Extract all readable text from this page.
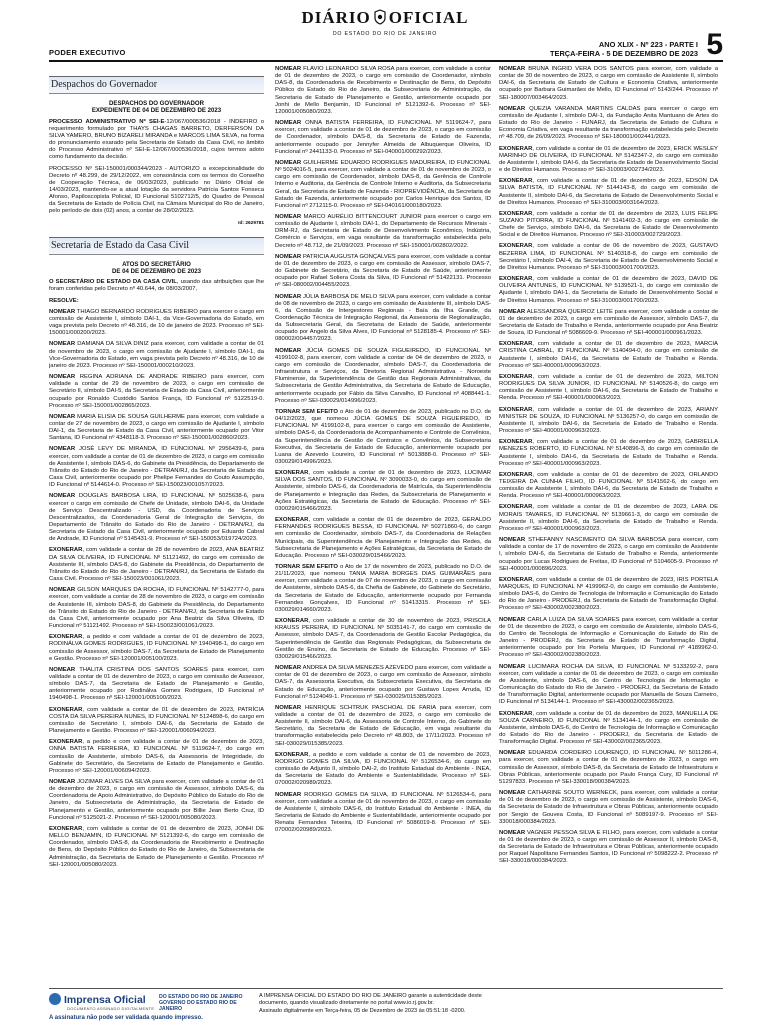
PODER EXECUTIVO
DIÁRIO OFICIAL
DO ESTADO DO RIO DE JANEIRO
ANO XLIX - Nº 223 - PARTE I
TERÇA-FEIRA - 5 DE DEZEMBRO DE 2023 5
Despachos do Governador
DESPACHOS DO GOVERNADOR
EXPEDIENTE DE 04 DE DEZEMBRO DE 2023
PROCESSO ADMINISTRATIVO Nº SEI-E-12/067/000536/2018 - INDEFIRO o requerimento formulado por THAYS CHAGAS BARRETO, DERFERSON DA SILVA YAMERO, BRUNO BIZARELI MIRANDA e MARCOS LIMA SILVA, na forma do pronunciamento exarado pela Secretaria de Estado da Casa Civil, no âmbito do Processo Administrativo nº SEI-E-12/067/000536/2018, cujos termos adoto como fundamento da decisão.
PROCESSO Nº SEI-150001/000344/2023 - AUTORIZO a excepcionalidade do Decreto nº 48.299, de 29/12/2022, em consonância com os termos do Conselho de Cooperação Técnica, de 06/03/2023, publicado no Diário Oficial de 14/03/2023, mantendo-se a atual lotação da servidora Patrícia Santos Fonseca Afonso, Papiloscopista Policial, ID Funcional 5102712/5, do Quadro de Pessoal da Secretaria de Estado de Polícia Civil, na Câmara Municipal do Rio de Janeiro, pelo período de dois (02) anos, a contar de 28/02/2023.
Id: 2629781
Secretaria de Estado da Casa Civil
ATOS DO SECRETÁRIO
DE 04 DE DEZEMBRO DE 2023
O SECRETÁRIO DE ESTADO DA CASA CIVIL, usando das atribuições que lhe foram conferidas pelo Decreto nº 40.644, de 08/03/2007,
RESOLVE:
NOMEAR THIAGO BERNARDO RODRIGUES RIBEIRO para exercer o cargo em comissão de Assistente I, símbolo DAI-1, da Vice-Governadoria do Estado, em vaga prevista pelo Decreto nº 48.316, de 10 de janeiro de 2023. Processo nº SEI-150001/000200/2023.
NOMEAR DAMIANA DA SILVA DINIZ para exercer, com validade a contar de 01 de novembro de 2023, o cargo em comissão de Ajudante I, símbolo DAI-1, da Vice-Governadoria do Estado, em vaga prevista pelo Decreto nº 48.316, de 10 de janeiro de 2023. Processo nº SEI-150001/000210/2023.
NOMEAR REGINA ADRIANA DE ANDRADE RIBEIRO para exercer, com validade a contar de 29 de novembro de 2023, o cargo em comissão de Secretário II, símbolo DAI-5, da Secretaria de Estado da Casa Civil, anteriormente ocupado por Ronaldo Custódio Santos França, ID Funcional nº 5122519-0. Processo nº SEI-150001/002865/2023.
NOMEAR MARIA ELISIA DE SOUSA GUILHERME para exercer, com validade a contar de 27 de novembro de 2023, o cargo em comissão de Ajudante I, símbolo DAI-1, da Secretaria de Estado da Casa Civil, anteriormente ocupado por Vitor Santana, ID Funcional nº 4348118-3. Processo nº SEI-150001/002860/2023.
NOMEAR JOSÉ LEVY DE MIRANDA, ID FUNCIONAL Nº 2956439-6, para exercer, com validade a contar de 01 de dezembro de 2023, o cargo em comissão de Assistente I, símbolo DAS-6, do Gabinete da Presidência, do Departamento de Trânsito do Estado do Rio de Janeiro - DETRAN/RJ, da Secretaria de Estado da Casa Civil, anteriormente ocupado por Phelipe Fernandes do Couto Assumpção, ID Funcional nº 5144614-0. Processo nº SEI-150023/001057/2023.
NOMEAR DOUGLAS BARBOSA LIRA, ID FUNCIONAL Nº 5025638-6, para exercer o cargo em comissão de Chefe de Unidade, símbolo DAI-6, da Unidade de Serviço Descentralizado - USD, da Coordenadoria de Serviços Descentralizados, da Coordenadoria Geral de Integração de Serviços, do Departamento de Trânsito do Estado do Rio de Janeiro - DETRAN/RJ, da Secretaria de Estado da Casa Civil, anteriormente ocupado por Eduardo Cabral de Andrade, ID Funcional nº 5145431-9. Processo nº SEI-150053/019724/2023.
EXONERAR, com validade a contar de 28 de novembro de 2023, ANA BEATRIZ DA SILVA OLIVEIRA, ID FUNCIONAL Nº 51121492, do cargo em comissão de Assistente III, símbolo DAS-8, do Gabinete da Presidência, do Departamento de Trânsito do Estado do Rio de Janeiro - DETRAN/RJ, da Secretaria de Estado da Casa Civil. Processo nº SEI-150023/001061/2023.
NOMEAR GILSON MARQUES DA ROCHA, ID FUNCIONAL Nº 5142777-0, para exercer, com validade a contar de 28 de novembro de 2023, o cargo em comissão de Assistente III, símbolo DAS-8, do Gabinete da Presidência, do Departamento de Trânsito do Estado do Rio de Janeiro - DETRAN/RJ, da Secretaria de Estado da Casa Civil, anteriormente ocupado por Ana Beatriz da Silva Oliveira, ID Funcional nº 51121492. Processo nº SEI-150023/001061/2023.
EXONERAR, a pedido e com validade a contar de 01 de dezembro de 2023, RODINÁLVA GOMES RODRIGUES, ID FUNCIONAL Nº 1940498-1, do cargo em comissão de Assessor, símbolo DAS-7, da Secretaria de Estado de Planejamento e Gestão. Processo nº SEI-120001/005100/2023.
NOMEAR THALITA CRISTINA DOS SANTOS SOARES para exercer, com validade a contar de 01 de dezembro de 2023, o cargo em comissão de Assessor, símbolo DAS-7, da Secretaria de Estado de Planejamento e Gestão, anteriormente ocupado por Rodinálva Gomes Rodrigues, ID Funcional nº 1940498-1. Processo nº SEI-120001/005100/2023.
EXONERAR, com validade a contar de 01 de dezembro de 2023, PATRÍCIA COSTA DA SILVA PEREIRA NUNES, ID FUNCIONAL Nº 5124898-6, do cargo em comissão de Secretário I, símbolo DAI-6, da Secretaria de Estado de Planejamento e Gestão. Processo nº SEI-120001/006094/2023.
EXONERAR, a pedido e com validade a contar de 01 de dezembro de 2023, ONNA BATISTA FERREIRA, ID FUNCIONAL Nº 5119624-7, do cargo em comissão de Assistente, símbolo DAS-6, da Assessoria de Integridade, do Gabinete do Secretário, da Secretaria de Estado de Planejamento e Gestão. Processo nº SEI-120001/006094/2023.
NOMEAR JOZIMAR ALVES DA SILVA para exercer, com validade a contar de 01 de dezembro de 2023, o cargo em comissão de Assessor, símbolo DAS-6, da Coordenadoria de Apoio Administrativo, do Depósito Público do Estado do Rio de Janeiro, da Subsecretaria de Administração, da Secretaria de Estado de Planejamento e Gestão, anteriormente ocupado por Billie Jean Berto Cruz, ID Funcional nº 5125021-2. Processo nº SEI-120001/005080/2023.
EXONERAR, com validade a contar de 01 de dezembro de 2023, JONHI DE MELLO BENJAMIN, ID FUNCIONAL Nº 5121392-6, do cargo em comissão de Coordenador, símbolo DAS-8, da Coordenadoria de Recebimento e Destinação de Bens, do Depósito Público do Estado do Rio de Janeiro, da Subsecretaria de Administração, da Secretaria de Estado de Planejamento e Gestão. Processo nº SEI-120001/005080/2023.
NOMEAR FLAVIO LEONARDO SILVA ROSA para exercer, com validade a contar de 01 de dezembro de 2023, o cargo em comissão de Coordenador, símbolo DAS-8, da Coordenadoria de Recebimento e Destinação de Bens, do Depósito Público do Estado do Rio de Janeiro, da Subsecretaria de Administração, da Secretaria de Estado de Planejamento e Gestão, anteriormente ocupado por Jonhi de Mello Benjamin, ID Funcional nº 5121392-6. Processo nº SEI-120001/005080/2023.
NOMEAR ONNA BATISTA FERREIRA, ID FUNCIONAL Nº 5119624-7, para exercer, com validade a contar de 01 de dezembro de 2023, o cargo em comissão de Coordenador, símbolo DAS-8, da Secretaria de Estado de Fazenda, anteriormente ocupado por Jennyfer Almeida de Albuquerque Oliveira, ID Funcional nº 2441133-0. Processo nº SEI-040001/000292/2023.
NOMEAR GUILHERME EDUARDO RODRIGUES MADUREIRA, ID FUNCIONAL Nº 5024016-5, para exercer, com validade a contar de 01 de novembro de 2023, o cargo em comissão de Coordenador, símbolo DAS-8, da Gerência de Controle Interno e Auditoria, da Gerência de Controle Interno e Auditoria, da Subsecretaria Geral, da Secretaria de Estado de Fazenda - RIOPREVIDÊNCIA, da Secretaria de Estado de Fazenda, anteriormente ocupado por Carlos Henrique dos Santos, ID Funcional nº 2712115-0. Processo nº SEI-040161/000180/2023.
NOMEAR MARCO AURÉLIO BITTENCOURT JUNIOR para exercer o cargo em comissão de Ajudante I, símbolo DAI-1, do Departamento de Recursos Minerais - DRM-RJ, da Secretaria de Estado de Desenvolvimento Econômico, Indústria, Comércio e Serviços, em vaga resultante da transformação estabelecida pelo Decreto nº 48.712, de 21/09/2023. Processo nº SEI-150001/002802/2022.
NOMEAR PATRICIA AUGUSTA GONÇALVES para exercer, com validade a contar de 01 de dezembro de 2023, o cargo em comissão de Assessor, símbolo DAS-7, do Gabinete do Secretário, da Secretaria de Estado de Saúde, anteriormente ocupado por Rafael Soliera Costa da Silva, ID Funcional nº 51422131. Processo nº SEI-080002/004455/2023.
NOMEAR JÚLIA BARBOSA DE MELO SILVA para exercer, com validade a contar de 08 de novembro de 2023, o cargo em comissão de Assistente III, símbolo DAS-6, da Comissão de Intergestores Regionais - Baía da Ilha Grande, da Coordenação Técnica de Integração Regional, da Assessoria de Regionalização, da Subsecretaria Geral, da Secretaria de Estado de Saúde, anteriormente ocupado por Angelo da Silva Alves, ID Funcional nº 5128185-4. Processo nº SEI-080002/004457/2023.
NOMEAR JÚCIA GOMES DE SOUZA FIGUEIREDO, ID FUNCIONAL Nº 4199102-8, para exercer, com validade a contar de 04 de dezembro de 2023, o cargo em comissão de Coordenador, símbolo DAS-7, da Coordenadoria de Infraestrutura e Serviços, da Diretoria Regional Administrativa - Noroeste Fluminense, da Superintendência de Gestão das Regionais Administrativas, da Subsecretaria de Gestão Administrativa, da Secretaria de Estado de Educação, anteriormente ocupado por Fábio da Silva Carvalho, ID Funcional nº 4088441-1. Processo nº SEI-030029/014996/2023.
TORNAR SEM EFEITO o Ato de 01 de dezembro de 2023, publicado no D.O. de 04/12/2023, que nomeou JÚCIA GOMES DE SOUZA FIGUEIREDO, ID FUNCIONAL Nº 4199102-8, para exercer o cargo em comissão de Assistente, símbolo DAS-6, da Coordenadoria de Acompanhamento e Controle de Convênios, da Superintendência de Gestão de Contratos e Convênios, da Subsecretaria Executiva, da Secretaria de Estado de Educação, anteriormente ocupado por Luana de Azevedo Loureiro, ID Funcional nº 5013888-0. Processo nº SEI-030029/014996/2023.
EXONERAR, com validade a contar de 01 de dezembro de 2023, LUCIMAR SILVA DOS SANTOS, ID FUNCIONAL Nº 3090033-0, do cargo em comissão de Assistente, símbolo DAS-6, da Coordenadoria de Matrícula, da Superintendência de Planejamento e Integração das Redes, da Subsecretaria de Planejamento e Ações Estratégicas, da Secretaria de Estado de Educação. Processo nº SEI-030029/015466/2023.
EXONERAR, com validade a contar de 01 de dezembro de 2023, GERALDO FERNANDES RODRIGUES BESSA, ID FUNCIONAL Nº 50271860-6, do cargo em comissão de Coordenador, símbolo DAS-7, da Coordenadoria de Relações Municipais, da Superintendência de Planejamento e Integração das Redes, da Subsecretaria de Planejamento e Ações Estratégicas, da Secretaria de Estado de Educação. Processo nº SEI-030029/015466/2023.
TORNAR SEM EFEITO o Ato de 17 de novembro de 2023, publicado no D.O. de 21/11/2023, que nomeou TANIA MARIA BORGES DIAS GUIMARÃES para exercer, com validade a contar de 07 de novembro de 2023, o cargo em comissão de Assistente, símbolo DAS-6, da Chefia de Gabinete, do Gabinete do Secretário, da Secretaria de Estado de Educação, anteriormente ocupado por Fernanda Fernandes Gonçalves, ID Funcional nº 51413315. Processo nº SEI-030029/014660/2023.
EXONERAR, com validade a contar de 30 de novembro de 2023, PRISCILA KRAUSS PEREIRA, ID FUNCIONAL Nº 5035141-7, do cargo em comissão de Assessor, símbolo DAS-7, da Coordenadoria de Gestão Escolar Pedagógica, da Superintendência de Gestão das Regionais Pedagógicas, da Subsecretaria de Gestão de Ensino, da Secretaria de Estado de Educação. Processo nº SEI-030029/015466/2023.
NOMEAR ANDREA DA SILVA MENEZES AZEVEDO para exercer, com validade a contar de 01 de dezembro de 2023, o cargo em comissão de Assessor, símbolo DAS-7, da Assessoria Executiva, da Subsecretaria Executiva, da Secretaria de Estado de Educação, anteriormente ocupado por Gustavo Lopes Arruda, ID Funcional nº 5124049-1. Processo nº SEI-030029/015385/2023.
NOMEAR HENRIQUE SCHTRUK PASCHOAL DE FARIA para exercer, com validade a contar de 01 de dezembro de 2023, o cargo em comissão de Assistente II, símbolo DAI-6, da Assessoria de Controle Interno, do Gabinete do Secretário, da Secretaria de Estado de Educação, em vaga resultante da transformação estabelecida pelo Decreto nº 48.803, de 17/11/2023. Processo nº SEI-030029/015385/2023.
EXONERAR, a pedido e com validade a contar de 01 de novembro de 2023, RODRIGO GOMES DA SILVA, ID FUNCIONAL Nº 5126534-6, do cargo em comissão de Adjunto II, símbolo DAI-2, do Instituto Estadual do Ambiente - INEA, da Secretaria de Estado do Ambiente e Sustentabilidade. Processo nº SEI-070002/020989/2023.
NOMEAR RODRIGO GOMES DA SILVA, ID FUNCIONAL Nº 5126534-6, para exercer, com validade a contar de 01 de novembro de 2023, o cargo em comissão de Assistente I, símbolo DAS-6, do Instituto Estadual do Ambiente - INEA, da Secretaria de Estado do Ambiente e Sustentabilidade, anteriormente ocupado por Renata Fernandes Teixeira, ID Funcional nº 5086019-8. Processo nº SEI-070002/020989/2023.
NOMEAR BRUNA INGRID VERA DOS SANTOS para exercer, com validade a contar de 30 de novembro de 2023, o cargo em comissão de Assistente II, símbolo DAI-6, da Secretaria de Estado de Cultura e Economia Criativa, anteriormente ocupado por Barbara Guimarães de Mello, ID Funcional nº 5143/244. Processo nº SEI-180007/003464/2023.
NOMEAR QUEZIA VARANDA MARTINS CALDAS para exercer o cargo em comissão de Ajudante I, símbolo DAI-1, da Fundação Anita Mantuano de Artes do Estado do Rio de Janeiro - FUNARJ, da Secretaria de Estado de Cultura e Economia Criativa, em vaga resultante da transformação estabelecida pelo Decreto nº 48.709, de 26/09/2023. Processo nº SEI-180001/002441/2023.
EXONERAR, com validade a contar de 01 de dezembro de 2023, ERICK WESLEY MARINHO DE OLIVEIRA, ID FUNCIONAL Nº 5142347-2, do cargo em comissão de Assistente I, símbolo DAI-6, da Secretaria de Estado de Desenvolvimento Social e de Direitos Humanos. Processo nº SEI-310003/002734/2023.
EXONERAR, com validade a contar de 01 de dezembro de 2023, EDSON DA SILVA BATISTA, ID FUNCIONAL Nº 5144143-8, do cargo em comissão de Assistente II, símbolo DAI-6, da Secretaria de Estado de Desenvolvimento Social e de Direitos Humanos. Processo nº SEI-310003/003164/2023.
EXONERAR, com validade a contar de 01 de dezembro de 2023, LUIS FELIPE SUZANO PITORRA, ID FUNCIONAL Nº 5141402-3, do cargo em comissão de Chefe de Serviço, símbolo DAI-6, da Secretaria de Estado de Desenvolvimento Social e de Direitos Humanos. Processo nº SEI-310003/002729/2023.
EXONERAR, com validade a contar de 06 de novembro de 2023, GUSTAVO BEZERRA LIMA, ID FUNCIONAL Nº 5140318-8, do cargo em comissão de Secretário I, símbolo DAI-4, da Secretaria de Estado de Desenvolvimento Social e de Direitos Humanos. Processo nº SEI-310003/001700/2023.
EXONERAR, com validade a contar de 01 de dezembro de 2023, DAVID DE OLIVEIRA ANTUNES, ID FUNCIONAL Nº 5139521-1, do cargo em comissão de Ajudante I, símbolo DAI-1, da Secretaria de Estado de Desenvolvimento Social e de Direitos Humanos. Processo nº SEI-310003/001700/2023.
NOMEAR ALESSANDRA QUEIROZ LEITE para exercer, com validade a contar de 01 de dezembro de 2023, o cargo em comissão de Assessor, símbolo DAS-7, da Secretaria de Estado de Trabalho e Renda, anteriormente ocupado por Ana Beatriz de Souza, ID Funcional nº 5086609-9. Processo nº SEI-400001/000961/2023.
EXONERAR, com validade a contar de 01 de dezembro de 2023, MARCIA CRISTINA CABRAL, ID FUNCIONAL Nº 5140494-0, do cargo em comissão de Assistente I, símbolo DAI-6, da Secretaria de Estado de Trabalho e Renda. Processo nº SEI-400001/000963/2023.
EXONERAR, com validade a contar de 01 de dezembro de 2023, MILTON RODRIGUES DA SILVA JUNIOR, ID FUNCIONAL Nº 5140526-8, do cargo em comissão de Assistente I, símbolo DAI-6, da Secretaria de Estado de Trabalho e Renda. Processo nº SEI-400001/000963/2023.
EXONERAR, com validade a contar de 01 de dezembro de 2023, ARIANY MINISTER DE SOUZA, ID FUNCIONAL Nº 5136257-0, do cargo em comissão de Assistente II, símbolo DAI-6, da Secretaria de Estado de Trabalho e Renda. Processo nº SEI-400001/000963/2023.
EXONERAR, com validade a contar de 01 de dezembro de 2023, GABRIELLA MENEZES ROBERTO, ID FUNCIONAL Nº 5140896-3, do cargo em comissão de Assistente I, símbolo DAI-6, da Secretaria de Estado de Trabalho e Renda. Processo nº SEI-400001/000963/2023.
EXONERAR, com validade a contar de 01 de dezembro de 2023, ORLANDO TEIXEIRA DA CUNHA FILHO, ID FUNCIONAL Nº 5141562-6, do cargo em comissão de Assistente I, símbolo DAI-6, da Secretaria de Estado de Trabalho e Renda. Processo nº SEI-400001/000963/2023.
EXONERAR, com validade a contar de 01 de dezembro de 2023, LARA DE MORAIS TAVARES, ID FUNCIONAL Nº 5139661-3, do cargo em comissão de Assistente II, símbolo DAI-6, da Secretaria de Estado de Trabalho e Renda. Processo nº SEI-400001/000963/2023.
NOMEAR STHEFANNY NASCIMENTO DA SILVA BARBOSA para exercer, com validade a contar de 17 de novembro de 2023, o cargo em comissão de Assistente I, símbolo DAI-6, da Secretaria de Estado de Trabalho e Renda, anteriormente ocupado por Lucas Rodrigues de Freitas, ID Funcional nº 5104605-9. Processo nº SEI-400001/000896/2023.
EXONERAR, com validade a contar de 01 de dezembro de 2023, IRIS PORTELA MARQUES, ID FUNCIONAL Nº 4199962-0, do cargo em comissão de Assistente, símbolo DAS-6, do Centro de Tecnologia de Informação e Comunicação do Estado do Rio de Janeiro - PRODERJ, da Secretaria de Estado de Transformação Digital. Processo nº SEI-430002/002380/2023.
NOMEAR CARLA LUIZA DA SILVA SOARES para exercer, com validade a contar de 01 de dezembro de 2023, o cargo em comissão de Assistente, símbolo DAS-6, do Centro de Tecnologia de Informação e Comunicação do Estado do Rio de Janeiro - PRODERJ, da Secretaria de Estado de Transformação Digital, anteriormente ocupado por Iris Portela Marques, ID Funcional nº 4189962-0. Processo nº SEI-430002/002380/2023.
NOMEAR LUCIMARA ROCHA DA SILVA, ID FUNCIONAL Nº 5133292-2, para exercer, com validade a contar de 01 de dezembro de 2023, o cargo em comissão de Assistente, símbolo DAS-6, do Centro de Tecnologia de Informação e Comunicação do Estado do Rio de Janeiro - PRODERJ, da Secretaria de Estado de Transformação Digital, anteriormente ocupado por Manuella de Souza Carneiro, ID Funcional nº 5134144-1. Processo nº SEI-430002/002365/2023.
EXONERAR, com validade a contar de 01 de dezembro de 2023, MANUELLA DE SOUZA CARNEIRO, ID FUNCIONAL Nº 5134144-1, do cargo em comissão de Assistente, símbolo DAS-6, do Centro de Tecnologia de Informação e Comunicação do Estado do Rio de Janeiro - PRODERJ, da Secretaria de Estado de Transformação Digital. Processo nº SEI-430002/002365/2023.
NOMEAR EDUARDA CORDEIRO LOURENÇO, ID FUNCIONAL Nº 5011286-4, para exercer, com validade a contar de 01 de dezembro de 2023, o cargo em comissão de Assessor, símbolo DAS-8, da Secretaria de Estado de Infraestrutura e Obras Públicas, anteriormente ocupado por Paulo França Cury, ID Funcional nº 51297833. Processo nº SEI-330018/000384/2023.
NOMEAR CATHARINE SOUTO WERNECK, para exercer, com validade a contar de 01 de dezembro de 2023, o cargo em comissão de Assistente, símbolo DAS-6, da Secretaria de Estado de Infraestrutura e Obras Públicas, anteriormente ocupado por Sergio de Gouvea Costa, ID Funcional nº 5089197-9. Processo nº SEI-330018/000384/2023.
NOMEAR VAGNER PESSOA SILVA E FILHO, para exercer, com validade a contar de 01 de dezembro de 2023, o cargo em comissão de Assessor II, símbolo DAS-8, da Secretaria de Estado de Infraestrutura e Obras Públicas, anteriormente ocupado por Raquel Napolitano Fernandes Santos, ID Funcional nº 5098222-2. Processo nº SEI-330018/000384/2023.
Imprensa Oficial	DO ESTADO DO RIO DE JANEIRO
GOVERNO DO ESTADO RIO DE JANEIRO
DOCUMENTO ASSINADO DIGITALMENTE
A assinatura não pode ser validada quando impresso.
A IMPRENSA OFICIAL DO ESTADO DO RIO DE JANEIRO garante a autenticidade deste
documento, quando visualizado diretamente no portal www.io.rj.gov.br.
Assinado digitalmente em Terça-feira, 05 de Dezembro de 2023 às 05:51:18 -0200.
